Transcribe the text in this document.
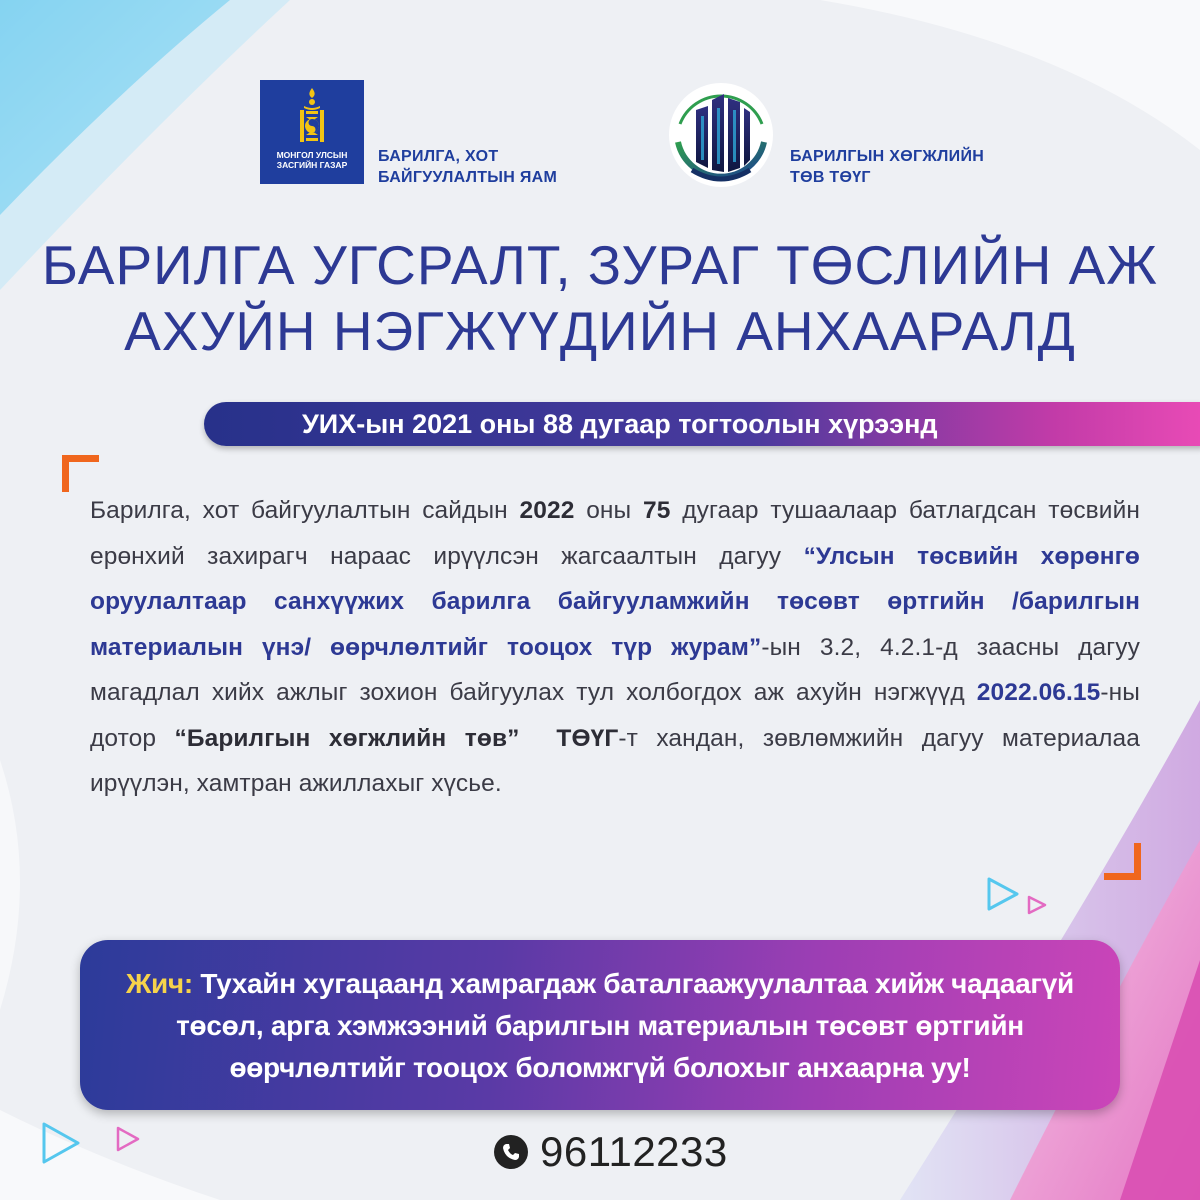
МОНГОЛ УЛСЫН ЗАСГИЙН ГАЗАР	БАРИЛГА, ХОТ БАЙГУУЛАЛТЫН ЯАМ
БАРИЛГЫН ХӨГЖЛИЙН ТӨВ ТӨҮГ
БАРИЛГА УГСРАЛТ, ЗУРАГ ТӨСЛИЙН АЖ АХУЙН НЭГЖҮҮДИЙН АНХААРАЛД
УИХ-ын 2021 оны 88 дугаар тогтоолын хүрээнд
Барилга, хот байгуулалтын сайдын 2022 оны 75 дугаар тушаалаар батлагдсан төсвийн ерөнхий захирагч нараас ирүүлсэн жагсаалтын дагуу “Улсын төсвийн хөрөнгө оруулалтаар санхүүжих барилга байгууламжийн төсөвт өртгийн /барилгын материалын үнэ/ өөрчлөлтийг тооцох түр журам”-ын 3.2, 4.2.1-д заасны дагуу магадлал хийх ажлыг зохион байгуулах тул холбогдох аж ахуйн нэгжүүд 2022.06.15-ны дотор “Барилгын хөгжлийн төв” ТӨҮГ-т хандан, зөвлөмжийн дагуу материалаа ирүүлэн, хамтран ажиллахыг хүсье.
Жич: Тухайн хугацаанд хамрагдаж баталгаажуулалтаа хийж чадаагүй төсөл, арга хэмжээний барилгын материалын төсөвт өртгийн өөрчлөлтийг тооцох боломжгүй болохыг анхаарна уу!
96112233
